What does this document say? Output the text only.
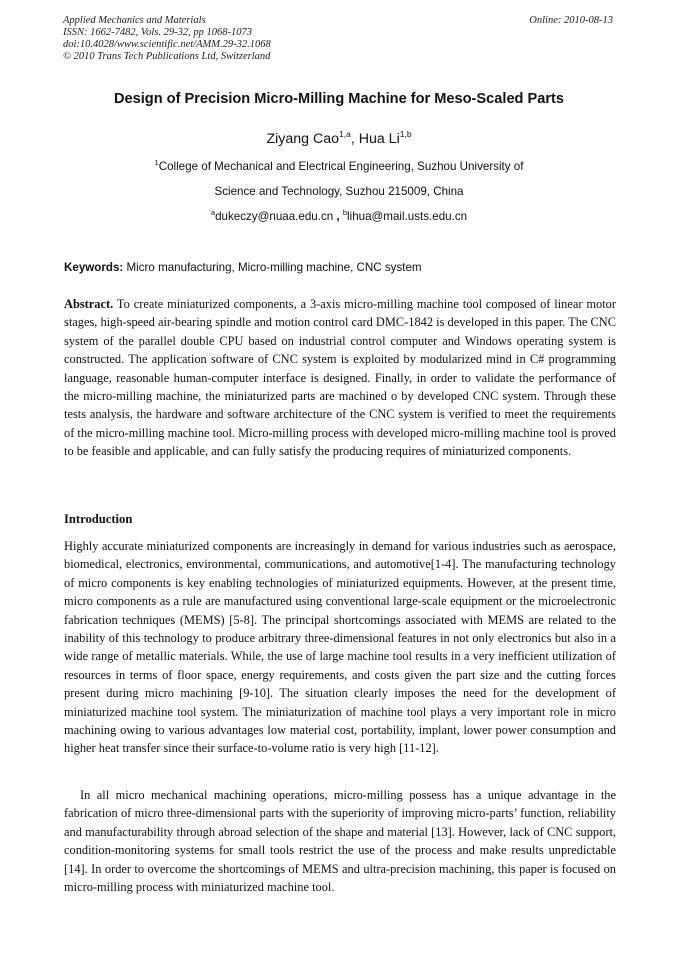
Applied Mechanics and Materials
ISSN: 1662-7482, Vols. 29-32, pp 1068-1073
doi:10.4028/www.scientific.net/AMM.29-32.1068
© 2010 Trans Tech Publications Ltd, Switzerland
Online: 2010-08-13
Design of Precision Micro-Milling Machine for Meso-Scaled Parts
Ziyang Cao$^{1,a}$, Hua Li$^{1,b}$
$^1$College of Mechanical and Electrical Engineering, Suzhou University of
Science and Technology, Suzhou 215009, China
$^a$dukeczy@nuaa.edu.cn , $^b$lihua@mail.usts.edu.cn
Keywords: Micro manufacturing, Micro-milling machine, CNC system
Abstract. To create miniaturized components, a 3-axis micro-milling machine tool composed of linear motor stages, high-speed air-bearing spindle and motion control card DMC-1842 is developed in this paper. The CNC system of the parallel double CPU based on industrial control computer and Windows operating system is constructed. The application software of CNC system is exploited by modularized mind in C# programming language, reasonable human-computer interface is designed. Finally, in order to validate the performance of the micro-milling machine, the miniaturized parts are machined o by developed CNC system. Through these tests analysis, the hardware and software architecture of the CNC system is verified to meet the requirements of the micro-milling machine tool. Micro-milling process with developed micro-milling machine tool is proved to be feasible and applicable, and can fully satisfy the producing requires of miniaturized components.
Introduction
Highly accurate miniaturized components are increasingly in demand for various industries such as aerospace, biomedical, electronics, environmental, communications, and automotive[1-4]. The manufacturing technology of micro components is key enabling technologies of miniaturized equipments. However, at the present time, micro components as a rule are manufactured using conventional large-scale equipment or the microelectronic fabrication techniques (MEMS) [5-8]. The principal shortcomings associated with MEMS are related to the inability of this technology to produce arbitrary three-dimensional features in not only electronics but also in a wide range of metallic materials. While, the use of large machine tool results in a very inefficient utilization of resources in terms of floor space, energy requirements, and costs given the part size and the cutting forces present during micro machining [9-10]. The situation clearly imposes the need for the development of miniaturized machine tool system. The miniaturization of machine tool plays a very important role in micro machining owing to various advantages low material cost, portability, implant, lower power consumption and higher heat transfer since their surface-to-volume ratio is very high [11-12].
In all micro mechanical machining operations, micro-milling possess has a unique advantage in the fabrication of micro three-dimensional parts with the superiority of improving micro-parts’ function, reliability and manufacturability through abroad selection of the shape and material [13]. However, lack of CNC support, condition-monitoring systems for small tools restrict the use of the process and make results unpredictable [14]. In order to overcome the shortcomings of MEMS and ultra-precision machining, this paper is focused on micro-milling process with miniaturized machine tool.
